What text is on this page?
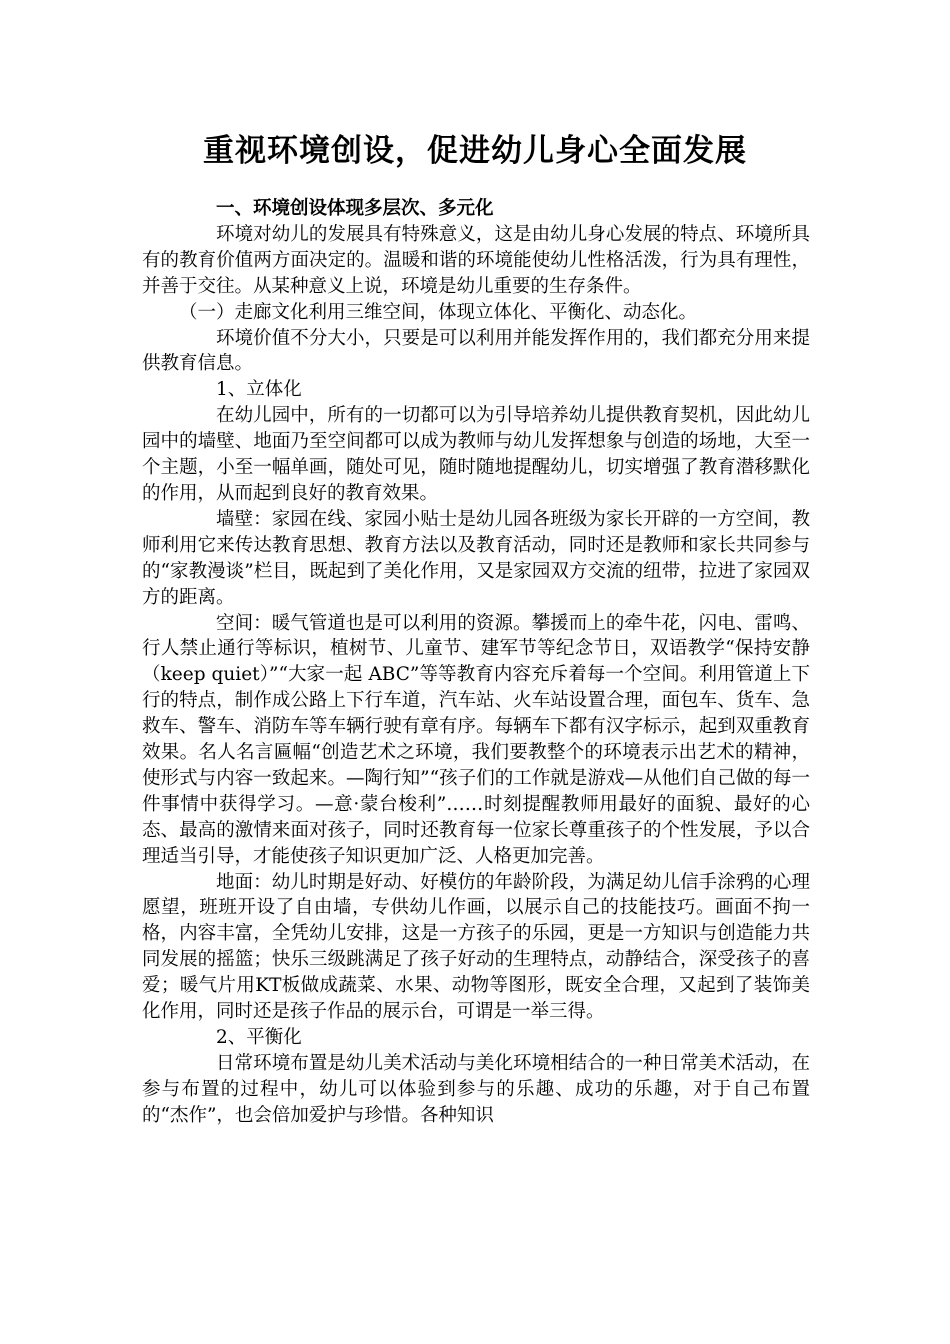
重视环境创设，促进幼儿身心全面发展

一、环境创设体现多层次、多元化

环境对幼儿的发展具有特殊意义，这是由幼儿身心发展的特点、环境所具有的教育价值两方面决定的。温暖和谐的环境能使幼儿性格活泼，行为具有理性，并善于交往。从某种意义上说，环境是幼儿重要的生存条件。

（一）走廊文化利用三维空间，体现立体化、平衡化、动态化。

环境价值不分大小，只要是可以利用并能发挥作用的，我们都充分用来提供教育信息。

1、立体化

在幼儿园中，所有的一切都可以为引导培养幼儿提供教育契机，因此幼儿园中的墙壁、地面乃至空间都可以成为教师与幼儿发挥想象与创造的场地，大至一个主题，小至一幅单画，随处可见，随时随地提醒幼儿，切实增强了教育潜移默化的作用，从而起到良好的教育效果。

墙壁：家园在线、家园小贴士是幼儿园各班级为家长开辟的一方空间，教师利用它来传达教育思想、教育方法以及教育活动，同时还是教师和家长共同参与的“家教漫谈”栏目，既起到了美化作用，又是家园双方交流的纽带，拉进了家园双方的距离。

空间：暖气管道也是可以利用的资源。攀援而上的牵牛花，闪电、雷鸣、行人禁止通行等标识，植树节、儿童节、建军节等纪念节日，双语教学“保持安静（keep quiet）”“大家一起 ABC”等等教育内容充斥着每一个空间。利用管道上下行的特点，制作成公路上下行车道，汽车站、火车站设置合理，面包车、货车、急救车、警车、消防车等车辆行驶有章有序。每辆车下都有汉字标示，起到双重教育效果。名人名言匾幅“创造艺术之环境，我们要教整个的环境表示出艺术的精神，使形式与内容一致起来。—陶行知”“孩子们的工作就是游戏—从他们自己做的每一件事情中获得学习。—意·蒙台梭利”……时刻提醒教师用最好的面貌、最好的心态、最高的激情来面对孩子，同时还教育每一位家长尊重孩子的个性发展，予以合理适当引导，才能使孩子知识更加广泛、人格更加完善。

地面：幼儿时期是好动、好模仿的年龄阶段，为满足幼儿信手涂鸦的心理愿望，班班开设了自由墙，专供幼儿作画，以展示自己的技能技巧。画面不拘一格，内容丰富，全凭幼儿安排，这是一方孩子的乐园，更是一方知识与创造能力共同发展的摇篮；快乐三级跳满足了孩子好动的生理特点，动静结合，深受孩子的喜爱；暖气片用KT板做成蔬菜、水果、动物等图形，既安全合理，又起到了装饰美化作用，同时还是孩子作品的展示台，可谓是一举三得。

2、平衡化

日常环境布置是幼儿美术活动与美化环境相结合的一种日常美术活动，在参与布置的过程中，幼儿可以体验到参与的乐趣、成功的乐趣，对于自己布置的“杰作”，也会倍加爱护与珍惜。各种知识
